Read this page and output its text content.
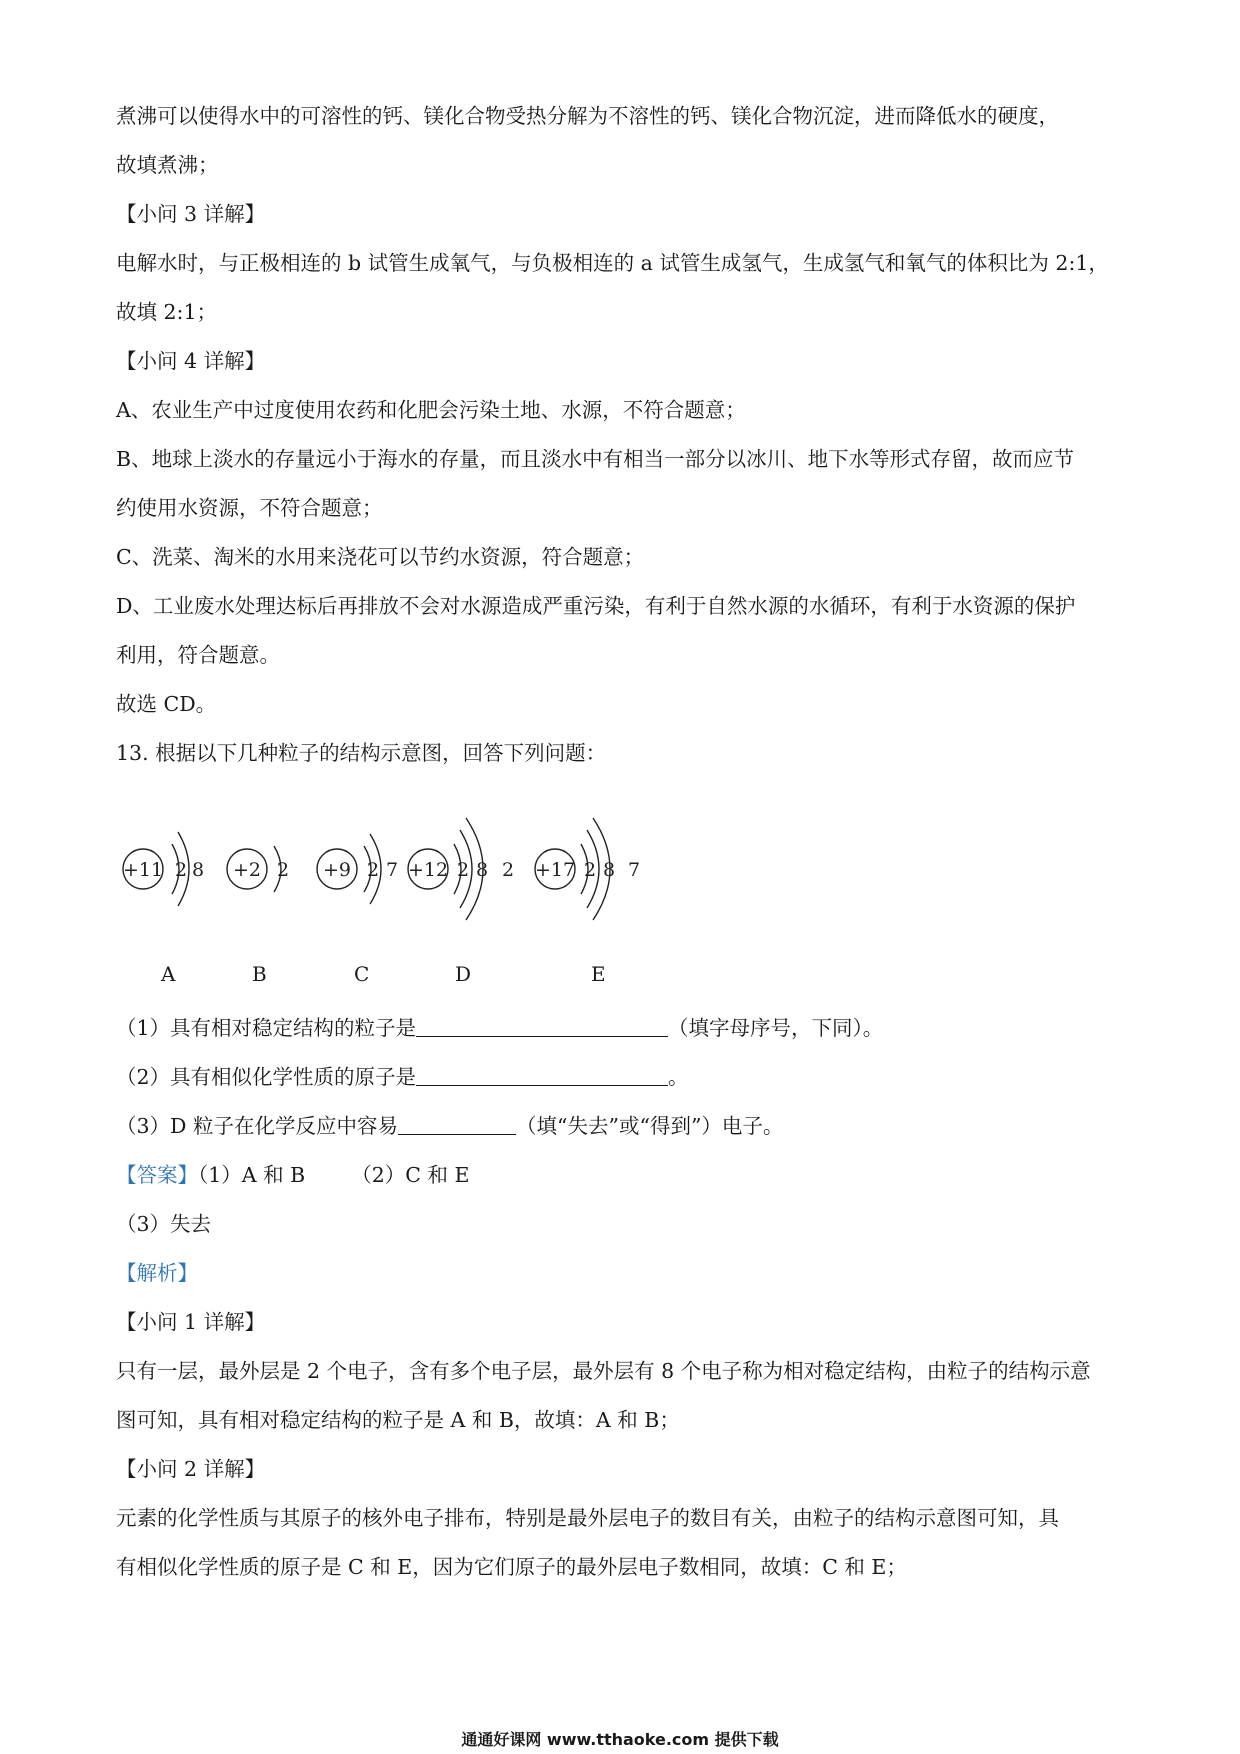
煮沸可以使得水中的可溶性的钙、镁化合物受热分解为不溶性的钙、镁化合物沉淀，进而降低水的硬度，
故填煮沸；
【小问 3 详解】
电解水时，与正极相连的 b 试管生成氧气，与负极相连的 a 试管生成氢气，生成氢气和氧气的体积比为 2:1，
故填 2:1；
【小问 4 详解】
A、农业生产中过度使用农药和化肥会污染土地、水源，不符合题意；
B、地球上淡水的存量远小于海水的存量，而且淡水中有相当一部分以冰川、地下水等形式存留，故而应节
约使用水资源，不符合题意；
C、洗菜、淘米的水用来浇花可以节约水资源，符合题意；
D、工业废水处理达标后再排放不会对水源造成严重污染，有利于自然水源的水循环，有利于水资源的保护
利用，符合题意。
故选 CD。
13. 根据以下几种粒子的结构示意图，回答下列问题：
+11 2 8 +2 2 +9 2 7 +12 2 8 2 +17 2 8 7
A	B	C	D	E
（1）具有相对稳定结构的粒子是	（填字母序号，下同）。
（2）具有相似化学性质的原子是	。
（3）D 粒子在化学反应中容易	（填“失去”或“得到”）电子。
【答案】（1）A 和 B （2）C 和 E
（3）失去
【解析】
【小问 1 详解】
只有一层，最外层是 2 个电子，含有多个电子层，最外层有 8 个电子称为相对稳定结构，由粒子的结构示意
图可知，具有相对稳定结构的粒子是 A 和 B，故填：A 和 B；
【小问 2 详解】
元素的化学性质与其原子的核外电子排布，特别是最外层电子的数目有关，由粒子的结构示意图可知，具
有相似化学性质的原子是 C 和 E，因为它们原子的最外层电子数相同，故填：C 和 E；
通通好课网 www.tthaoke.com 提供下载
